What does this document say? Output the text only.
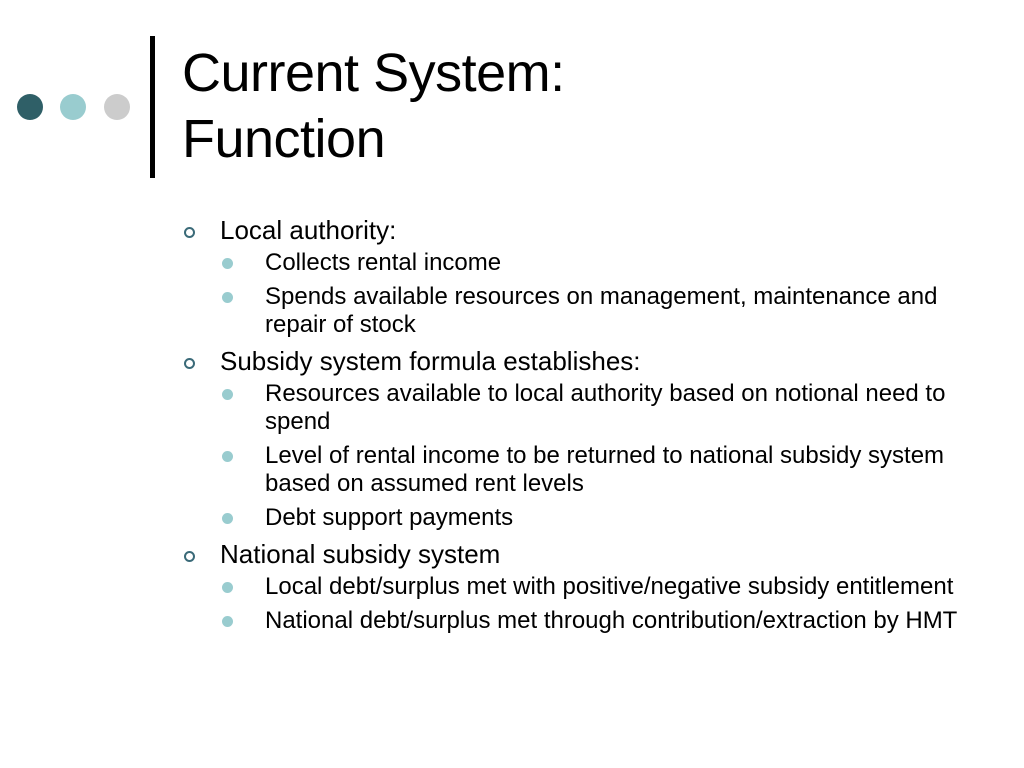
Current System:
Function
Local authority:
Collects rental income
Spends available resources on management, maintenance and repair of stock
Subsidy system formula establishes:
Resources available to local authority based on notional need to spend
Level of rental income to be returned to national subsidy system based on assumed rent levels
Debt support payments
National subsidy system
Local debt/surplus met with positive/negative subsidy entitlement
National debt/surplus met through contribution/extraction by HMT
